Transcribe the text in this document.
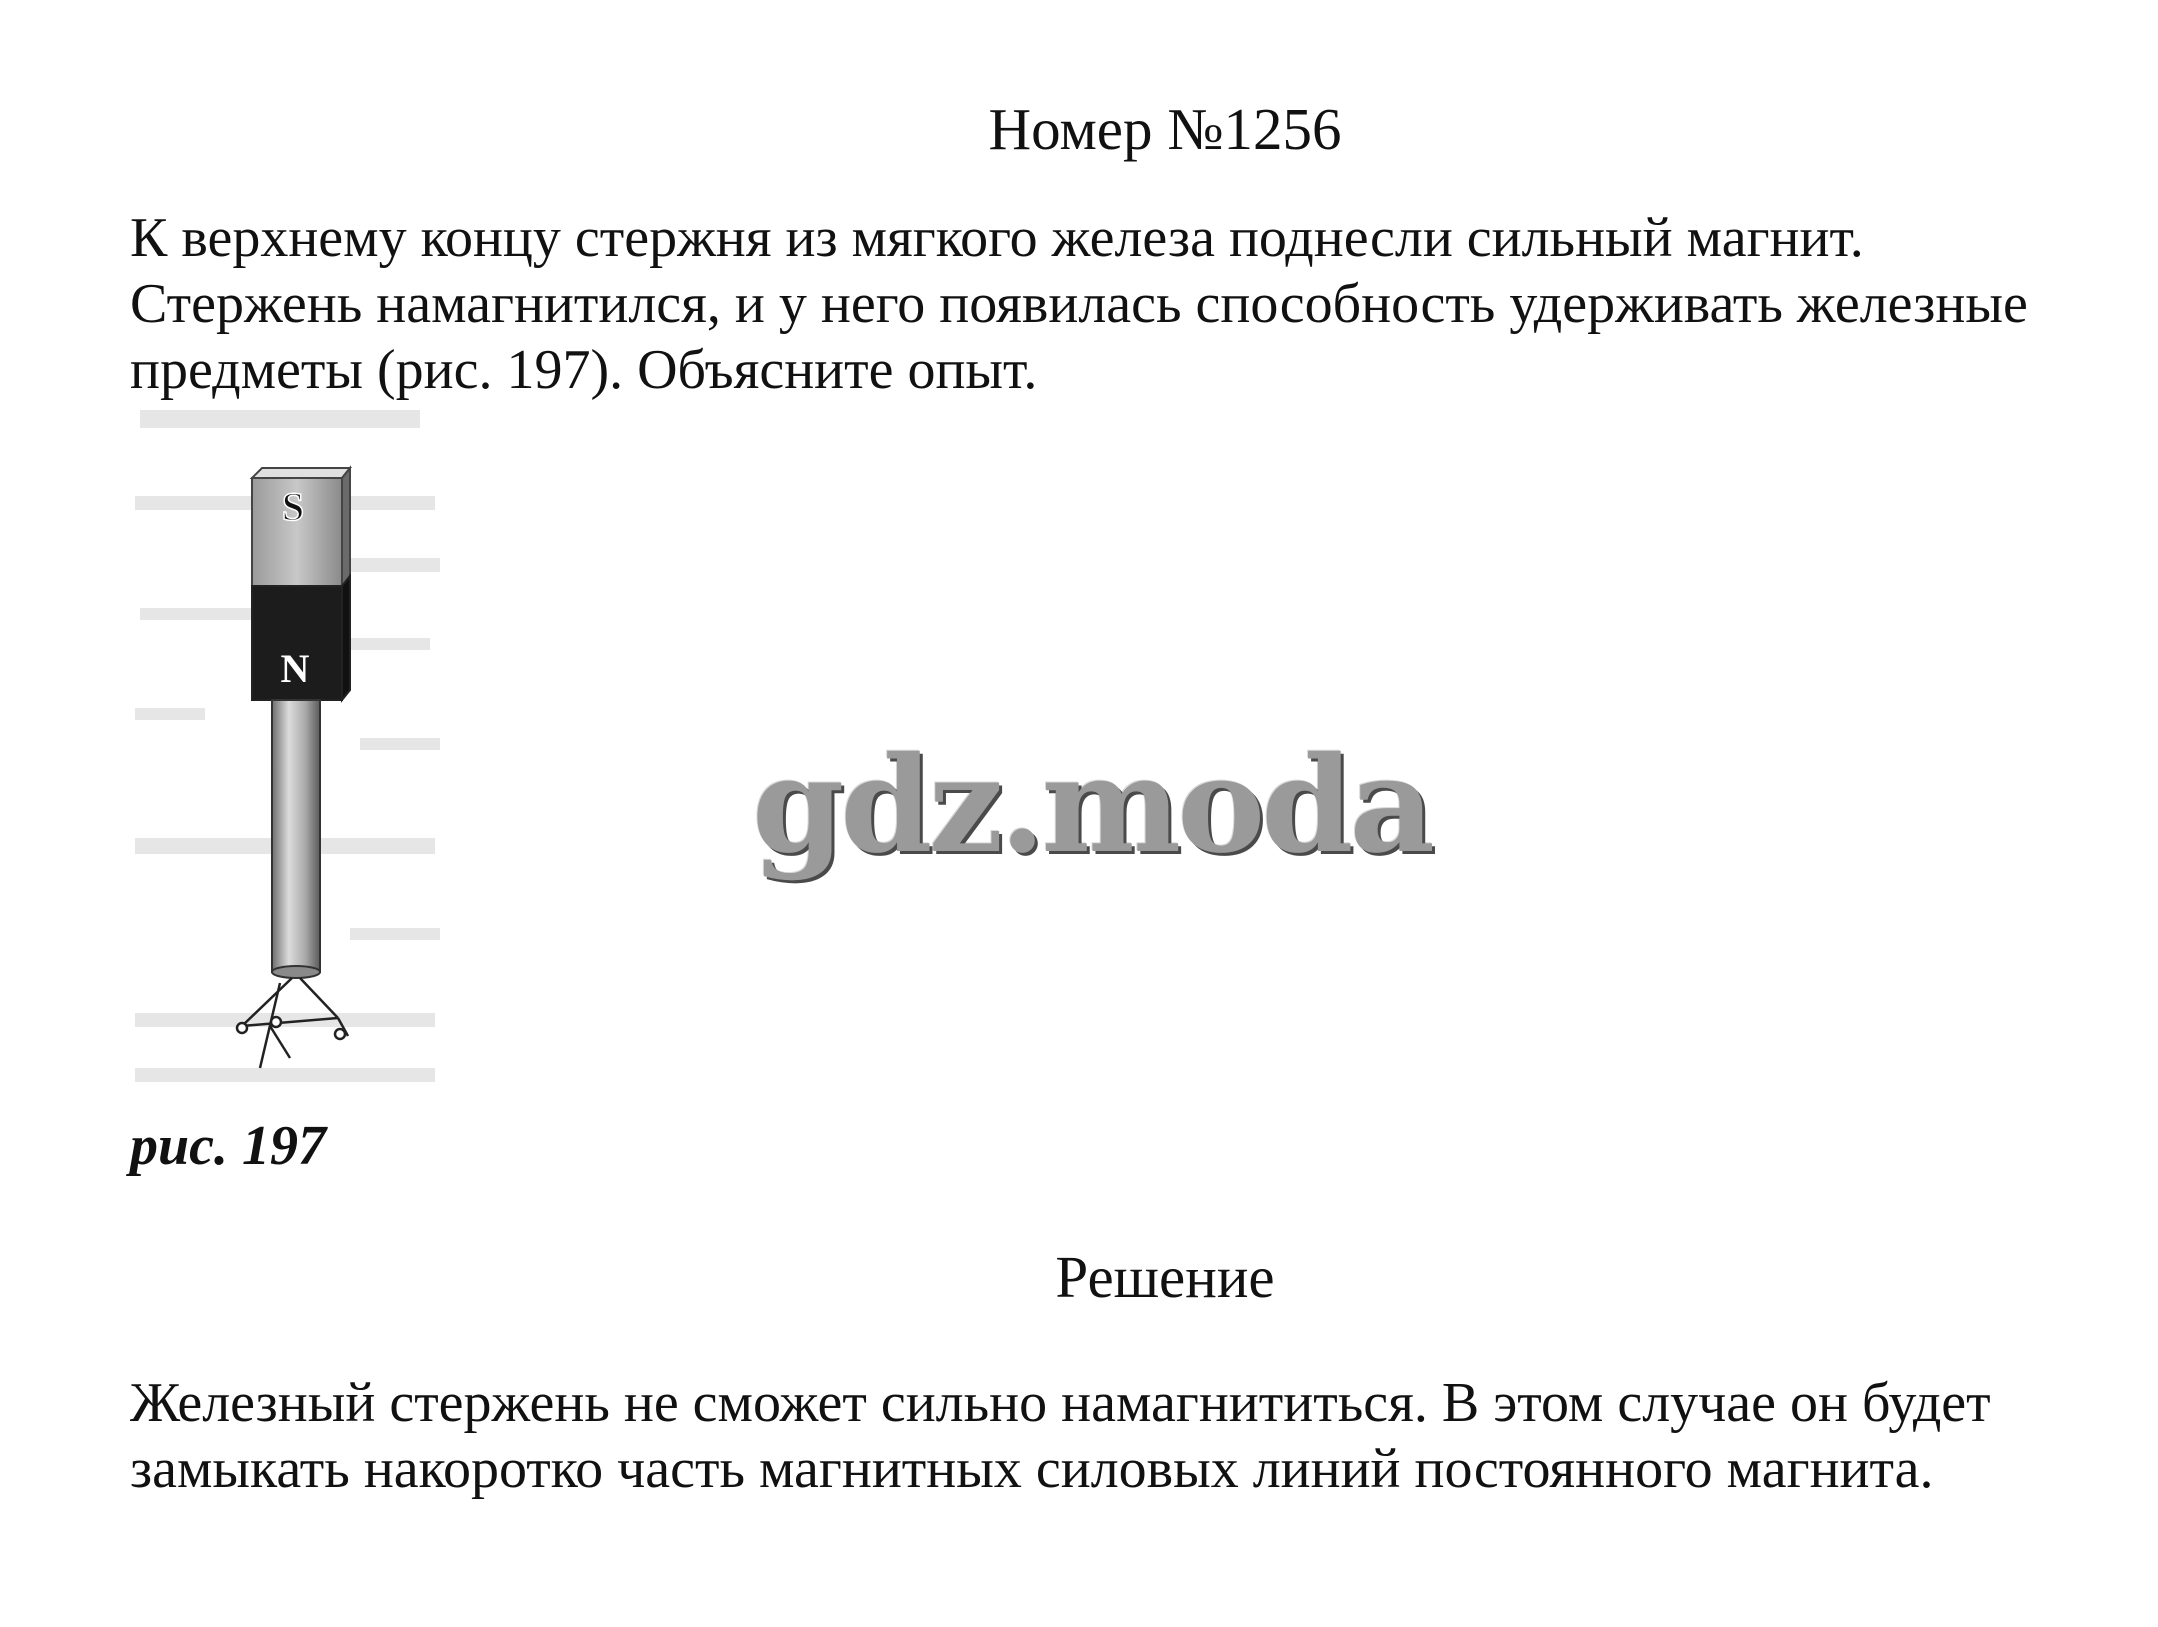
Номер №1256
К верхнему концу стержня из мягкого железа поднесли сильный магнит. Стержень намагнитился, и у него появилась способность удерживать железные предметы (рис. 197). Объясните опыт.
S
N
рис. 197
gdz.moda
Решение
Железный стержень не сможет сильно намагнититься. В этом случае он будет замыкать накоротко часть магнитных силовых линий постоянного магнита.
